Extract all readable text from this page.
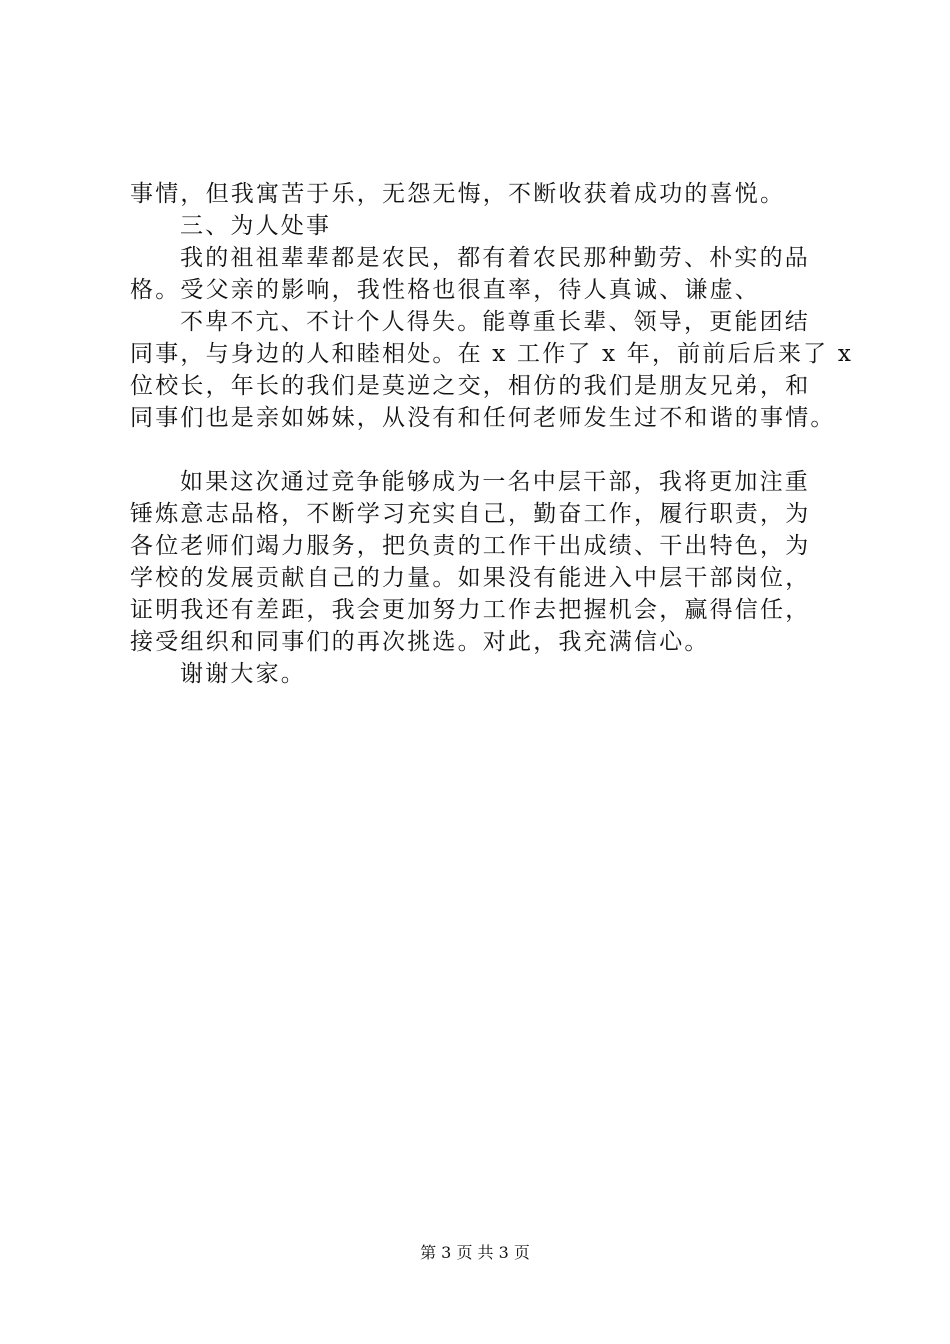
事情，但我寓苦于乐，无怨无悔，不断收获着成功的喜悦。
三、为人处事
我的祖祖辈辈都是农民，都有着农民那种勤劳、朴实的品
格。受父亲的影响，我性格也很直率，待人真诚、谦虚、
不卑不亢、不计个人得失。能尊重长辈、领导，更能团结
同事，与身边的人和睦相处。在 x 工作了 x 年，前前后后来了 x
位校长，年长的我们是莫逆之交，相仿的我们是朋友兄弟，和
同事们也是亲如姊妹，从没有和任何老师发生过不和谐的事情。
如果这次通过竞争能够成为一名中层干部，我将更加注重
锤炼意志品格，不断学习充实自己，勤奋工作，履行职责，为
各位老师们竭力服务，把负责的工作干出成绩、干出特色，为
学校的发展贡献自己的力量。如果没有能进入中层干部岗位，
证明我还有差距，我会更加努力工作去把握机会，赢得信任，
接受组织和同事们的再次挑选。对此，我充满信心。
谢谢大家。
第 3 页 共 3 页
